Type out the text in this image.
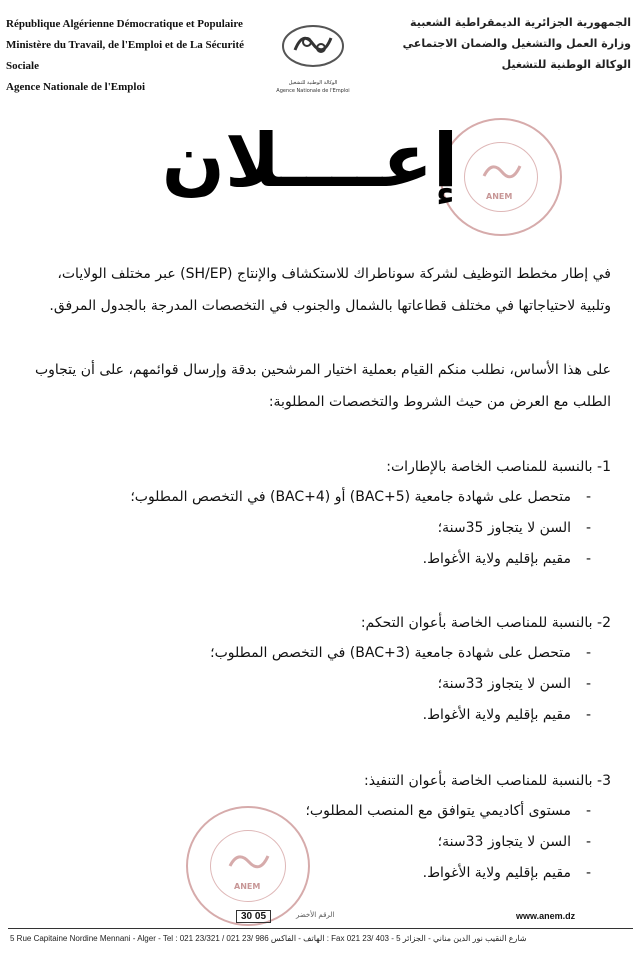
République Algérienne Démocratique et Populaire
Ministère du Travail, de l'Emploi et de La Sécurité Sociale
Agence Nationale de l'Emploi	الوكالة الوطنية للتشغيل
Agence Nationale de l'Emploi
الجمهورية الجزائرية الديمقراطية الشعبية
وزارة العمل والتشغيل والضمان الاجتماعي
الوكالة الوطنية للتشغيل
ANEM
إعــــلان
في إطار مخطط التوظيف لشركة سوناطراك للاستكشاف والإنتاج (SH/EP) عبر مختلف الولايات، وتلبية لاحتياجاتها في مختلف قطاعاتها بالشمال والجنوب في التخصصات المدرجة بالجدول المرفق.
على هذا الأساس، نطلب منكم القيام بعملية اختيار المرشحين بدقة وإرسال قوائمهم، على أن يتجاوب الطلب مع العرض من حيث الشروط والتخصصات المطلوبة:
1- بالنسبة للمناصب الخاصة بالإطارات:
- متحصل على شهادة جامعية (BAC+5) أو (BAC+4) في التخصص المطلوب؛
- السن لا يتجاوز 35سنة؛
- مقيم بإقليم ولاية الأغواط.
2- بالنسبة للمناصب الخاصة بأعوان التحكم:
- متحصل على شهادة جامعية (BAC+3) في التخصص المطلوب؛
- السن لا يتجاوز 33سنة؛
- مقيم بإقليم ولاية الأغواط.
3- بالنسبة للمناصب الخاصة بأعوان التنفيذ:
- مستوى أكاديمي يتوافق مع المنصب المطلوب؛
- السن لا يتجاوز 33سنة؛
- مقيم بإقليم ولاية الأغواط.
ANEM
30 05	الرقم الأخضر	www.anem.dz
5 Rue Capitaine Nordine Mennani - Alger - Tel : 021 23/321 / 021 23/ 986 الهاتف - الفاكس : Fax 021 23/ 403 - 5 شارع النقيب نور الدين مناني - الجزائر
